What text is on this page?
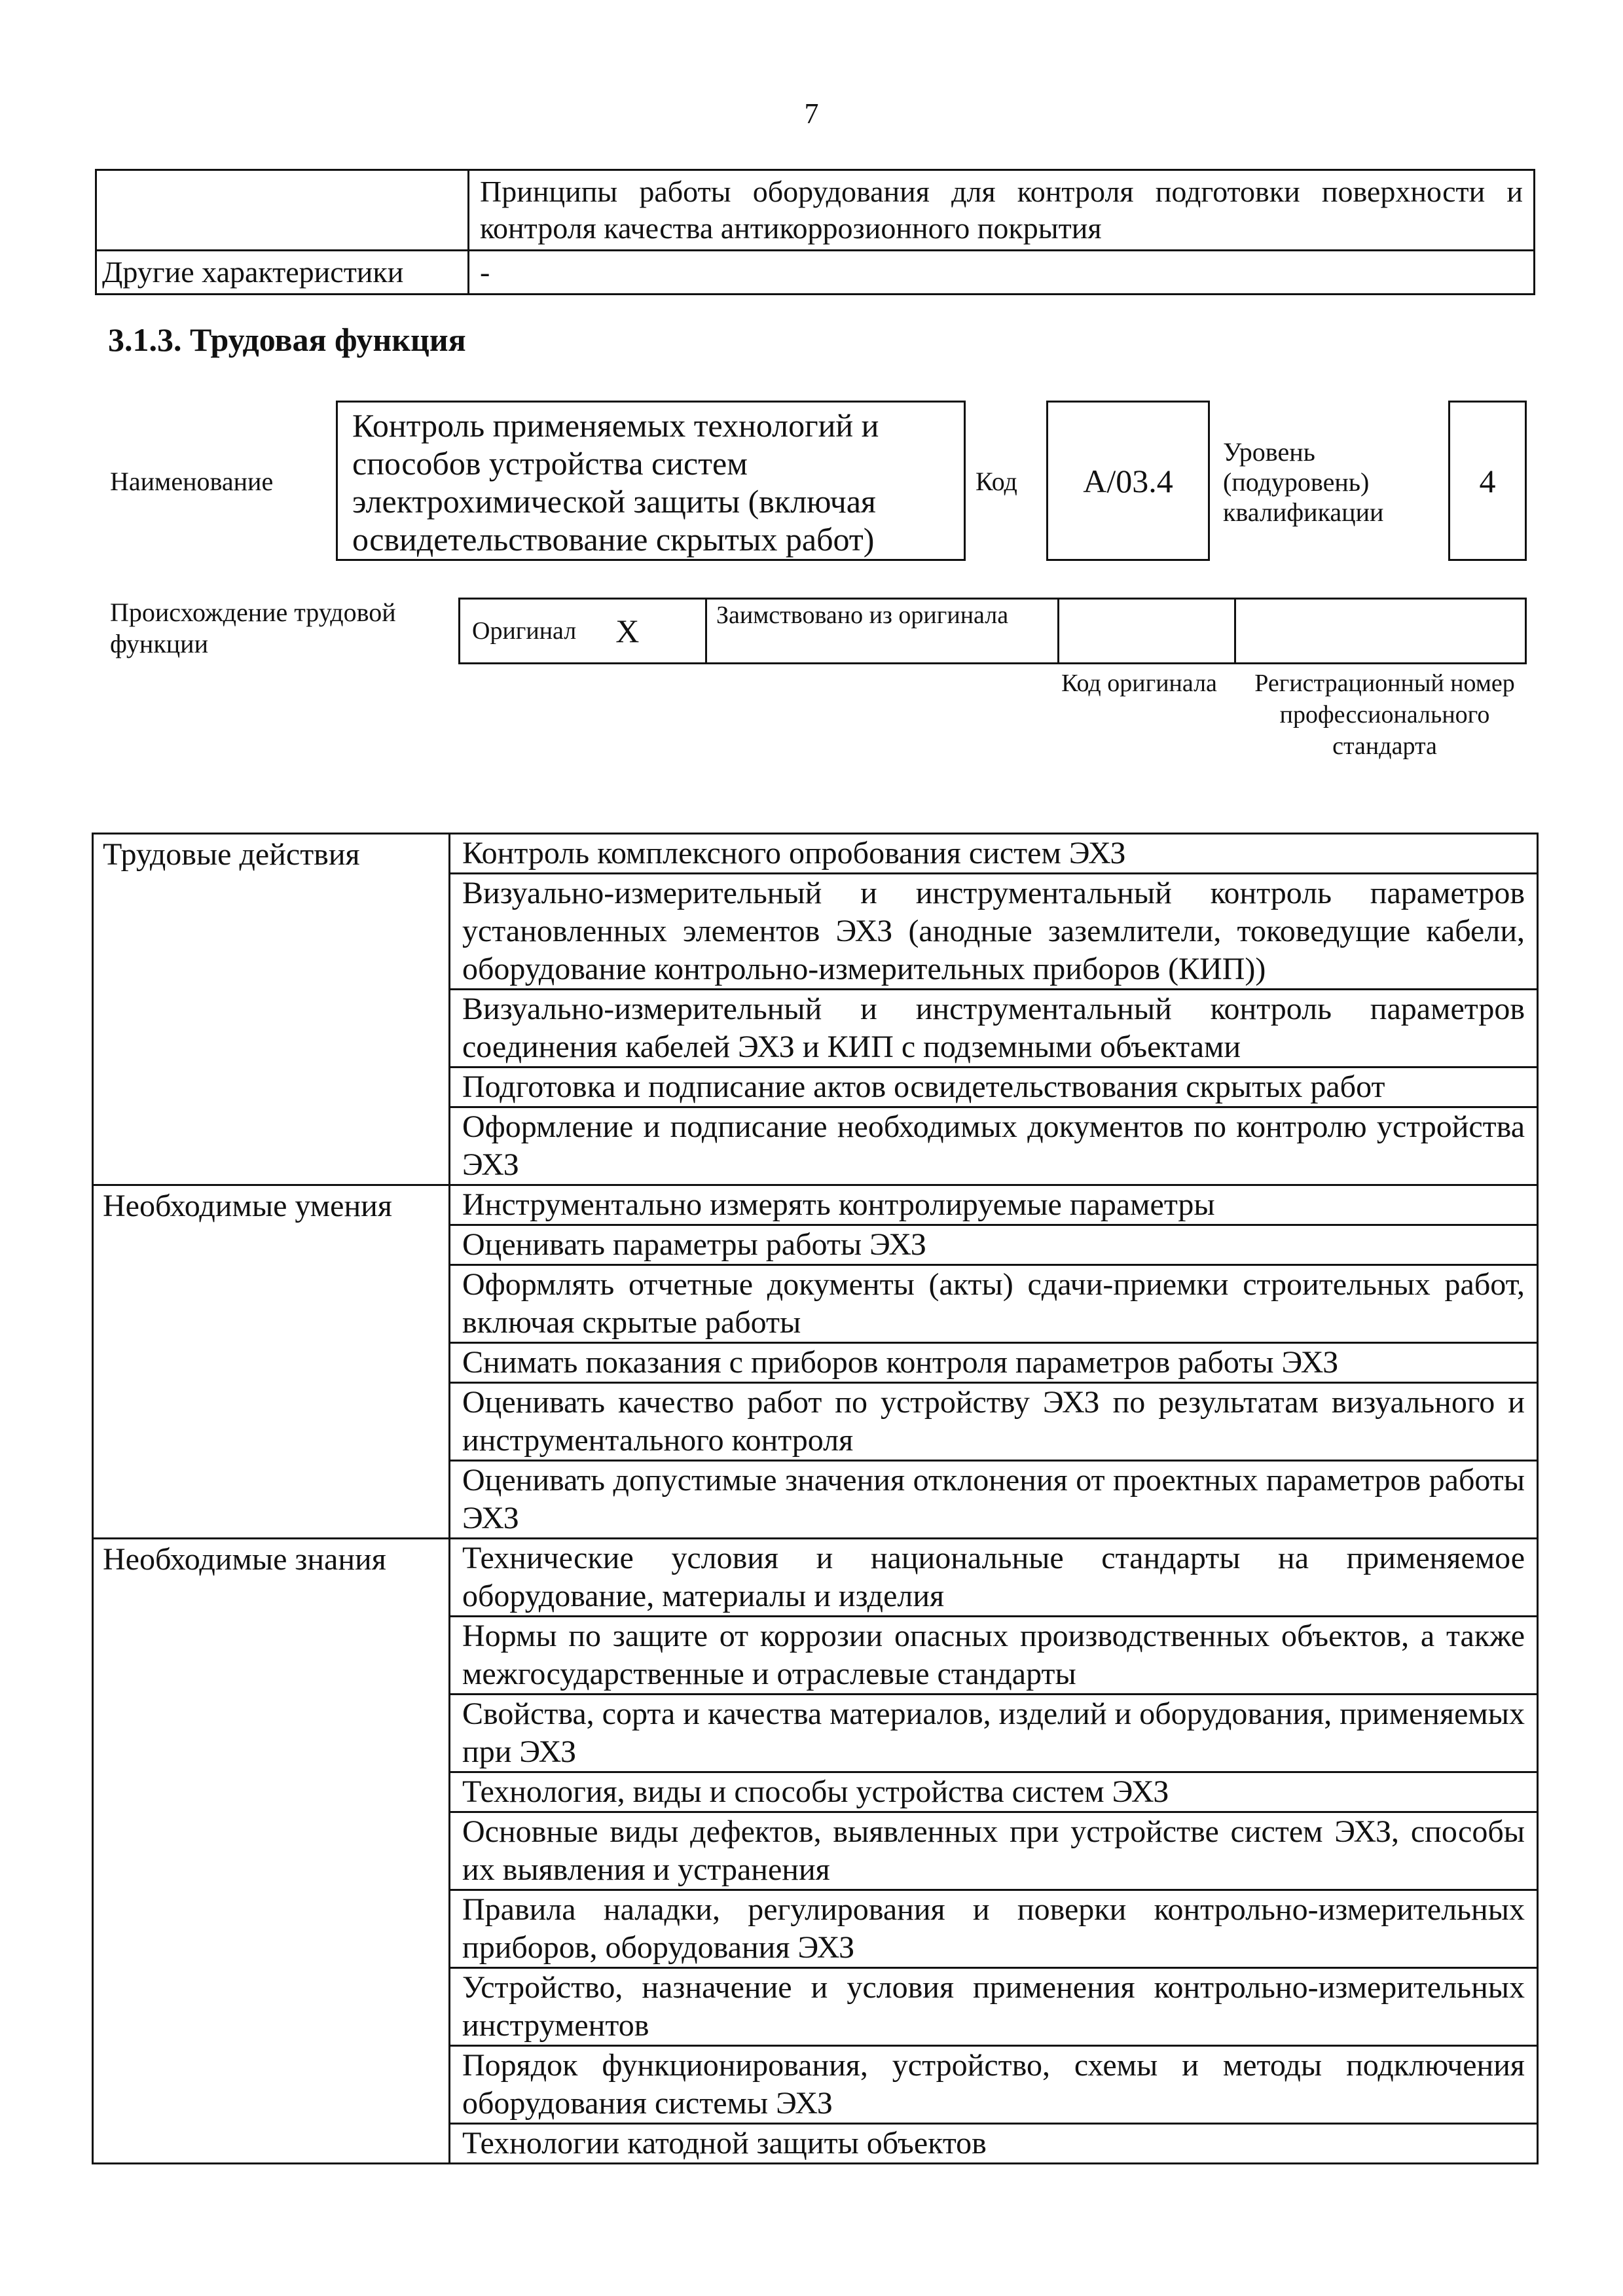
7
Принципы работы оборудования для контроля подготовки поверхности и контроля качества антикоррозионного покрытия
Другие характеристики	-
3.1.3. Трудовая функция
Наименование
Контроль применяемых технологий и способов устройства систем электрохимической защиты (включая освидетельствование скрытых работ)
Код А/03.4
Уровень (подуровень) квалификации
4
Происхождение трудовой функции	Оригинал Х	Заимствовано из оригинала
Код оригинала	Регистрационный номер профессионального стандарта
Трудовые действия	Контроль комплексного опробования систем ЭХЗ
Визуально-измерительный и инструментальный контроль параметров установленных элементов ЭХЗ (анодные заземлители, токоведущие кабели, оборудование контрольно-измерительных приборов (КИП))
Визуально-измерительный и инструментальный контроль параметров соединения кабелей ЭХЗ и КИП с подземными объектами
Подготовка и подписание актов освидетельствования скрытых работ
Оформление и подписание необходимых документов по контролю устройства ЭХЗ
Необходимые умения	Инструментально измерять контролируемые параметры
Оценивать параметры работы ЭХЗ
Оформлять отчетные документы (акты) сдачи-приемки строительных работ, включая скрытые работы
Снимать показания с приборов контроля параметров работы ЭХЗ
Оценивать качество работ по устройству ЭХЗ по результатам визуального и инструментального контроля
Оценивать допустимые значения отклонения от проектных параметров работы ЭХЗ
Необходимые знания	Технические условия и национальные стандарты на применяемое оборудование, материалы и изделия
Нормы по защите от коррозии опасных производственных объектов, а также межгосударственные и отраслевые стандарты
Свойства, сорта и качества материалов, изделий и оборудования, применяемых при ЭХЗ
Технология, виды и способы устройства систем ЭХЗ
Основные виды дефектов, выявленных при устройстве систем ЭХЗ, способы их выявления и устранения
Правила наладки, регулирования и поверки контрольно-измерительных приборов, оборудования ЭХЗ
Устройство, назначение и условия применения контрольно-измерительных инструментов
Порядок функционирования, устройство, схемы и методы подключения оборудования системы ЭХЗ
Технологии катодной защиты объектов
